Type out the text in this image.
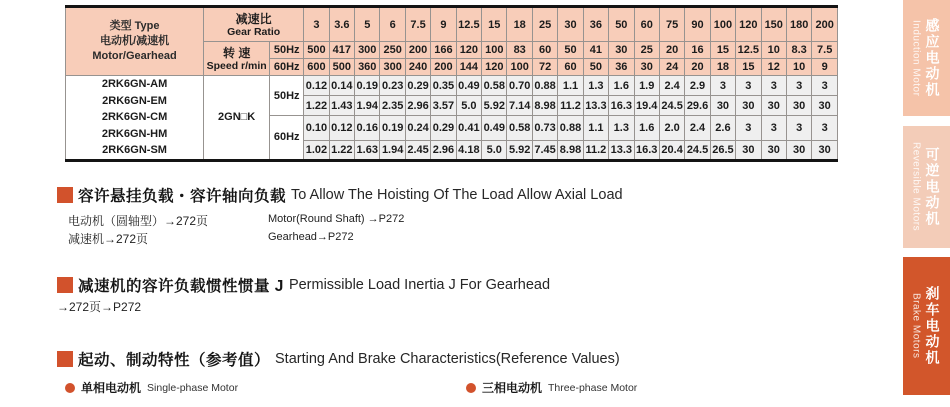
类型 Type
电动机/减速机
Motor/Gearhead	减速比
Gear Ratio		3	3.6	5	6	7.5	9	12.5	15	18	25	30	36	50	60	75	90	100	120	150	180	200

	转 速
Speed r/min	50Hz	500	417	300	250	200	166	120	100	83	60	50	41	30	25	20	16	15	12.5	10	8.3	7.5
		60Hz	600	500	360	300	240	200	144	120	100	72	60	50	36	30	24	20	18	15	12	10	9
2RK6GN-AM
2RK6GN-EM
2RK6GN-CM
2RK6GN-HM
2RK6GN-SM	2GN□K	50Hz	0.12	0.14	0.19	0.23	0.29	0.35	0.49	0.58	0.70	0.88	1.1	1.3	1.6	1.9	2.4	2.9	3	3	3	3	3
			1.22	1.43	1.94	2.35	2.96	3.57	5.0	5.92	7.14	8.98	11.2	13.3	16.3	19.4	24.5	29.6	30	30	30	30	30
		60Hz	0.10	0.12	0.16	0.19	0.24	0.29	0.41	0.49	0.58	0.73	0.88	1.1	1.3	1.6	2.0	2.4	2.6	3	3	3	3
			1.02	1.22	1.63	1.94	2.45	2.96	4.18	5.0	5.92	7.45	8.98	11.2	13.3	16.3	20.4	24.5	26.5	30	30	30	30
容许悬挂负载・容许轴向负载 To Allow The Hoisting Of The Load Allow Axial Load
电动机（圆轴型）→272页	Motor(Round Shaft) →P272
减速机→272页	Gearhead→P272
减速机的容许负载惯性惯量 J Permissible Load Inertia J For Gearhead
→272页→P272
起动、制动特性（参考值） Starting And Brake Characteristics(Reference Values)
单相电动机 Single-phase Motor	三相电动机 Three-phase Motor
Induction Motor 感应电动机
Reversible Motors 可逆电动机
Brake Motors 刹车电动机
